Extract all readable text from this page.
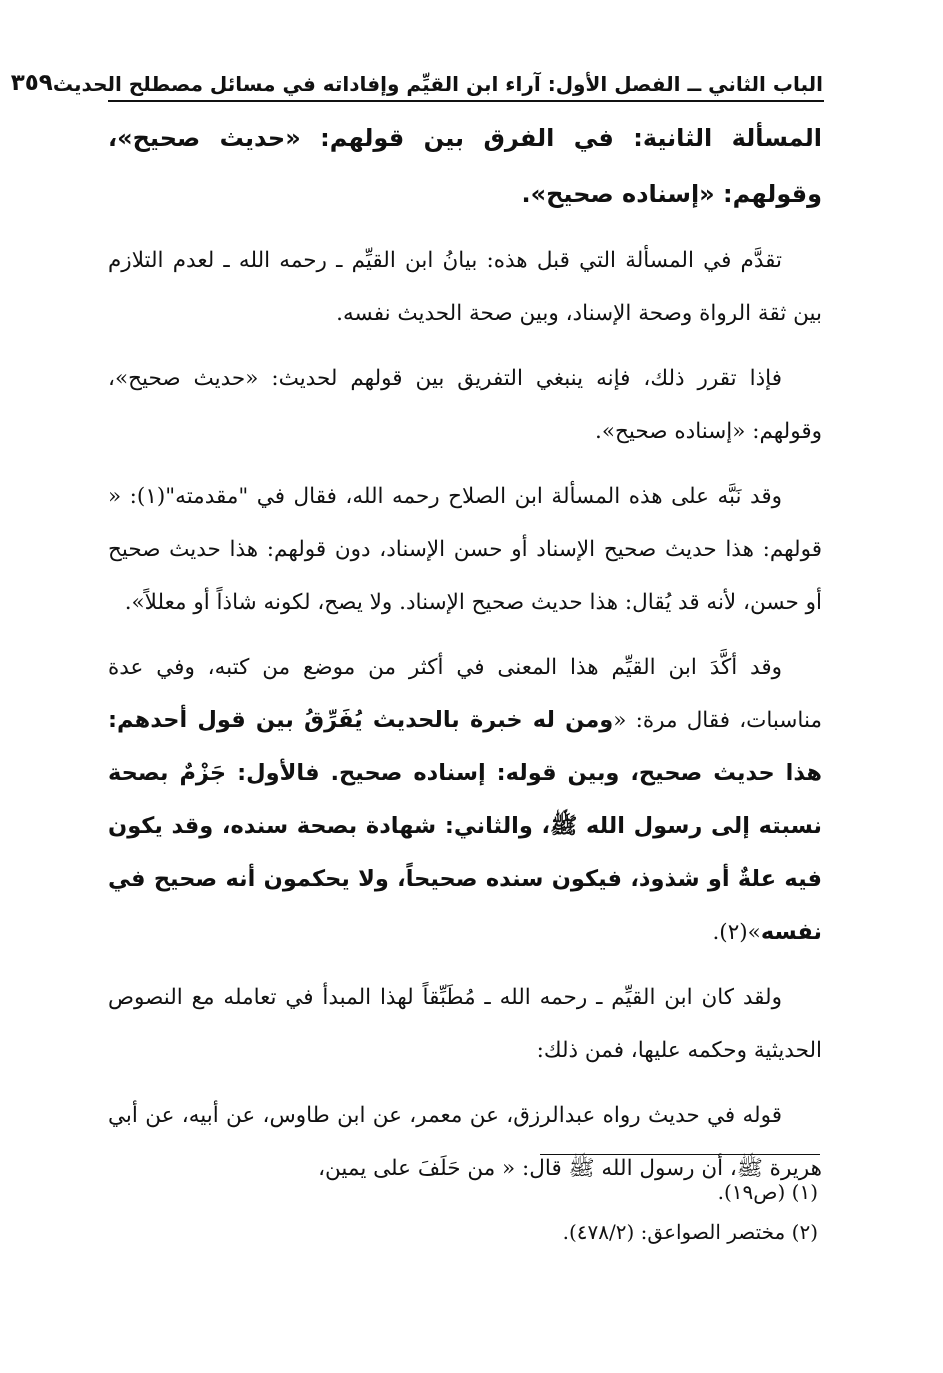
الباب الثاني ــ الفصل الأول: آراء ابن القيِّم وإفاداته في مسائل مصطلح الحديث
٣٥٩
المسألة الثانية: في الفرق بين قولهم: «حديث صحيح»، وقولهم: «إسناده صحيح».

تقدَّم في المسألة التي قبل هذه: بيانُ ابن القيِّم ـ رحمه الله ـ لعدم التلازم بين ثقة الرواة وصحة الإسناد، وبين صحة الحديث نفسه.

فإذا تقرر ذلك، فإنه ينبغي التفريق بين قولهم لحديث: «حديث صحيح»، وقولهم: «إسناده صحيح».

وقد نَبَّه على هذه المسألة ابن الصلاح رحمه الله، فقال في "مقدمته"(١): « قولهم: هذا حديث صحيح الإسناد أو حسن الإسناد، دون قولهم: هذا حديث صحيح أو حسن، لأنه قد يُقال: هذا حديث صحيح الإسناد. ولا يصح، لكونه شاذاً أو معللاً».

وقد أكَّدَ ابن القيِّم هذا المعنى في أكثر من موضع من كتبه، وفي عدة مناسبات، فقال مرة: «ومن له خبرة بالحديث يُفَرِّقُ بين قول أحدهم: هذا حديث صحيح، وبين قوله: إسناده صحيح. فالأول: جَزْمٌ بصحة نسبته إلى رسول الله ﷺ، والثاني: شهادة بصحة سنده، وقد يكون فيه علةٌ أو شذوذ، فيكون سنده صحيحاً، ولا يحكمون أنه صحيح في نفسه»(٢).

ولقد كان ابن القيِّم ـ رحمه الله ـ مُطَبِّقاً لهذا المبدأ في تعامله مع النصوص الحديثية وحكمه عليها، فمن ذلك:

قوله في حديث رواه عبدالرزق، عن معمر، عن ابن طاوس، عن أبيه، عن أبي هريرة ﷺ، أن رسول الله ﷺ قال: « من حَلَفَ على يمين،

(١) (ص١٩).
(٢) مختصر الصواعق: (٤٧٨/٢).
